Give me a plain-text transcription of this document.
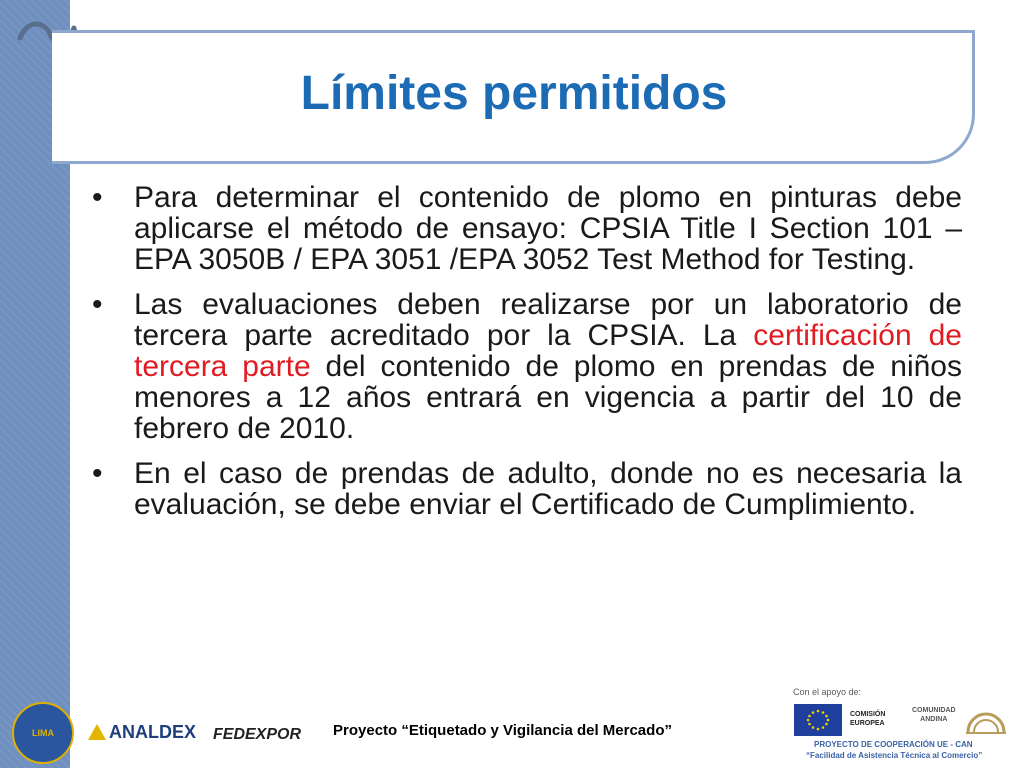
Límites permitidos

• Para determinar el contenido de plomo en pinturas debe aplicarse el método de ensayo: CPSIA Title I Section 101 – EPA 3050B / EPA 3051 /EPA 3052 Test Method for Testing.

• Las evaluaciones deben realizarse por un laboratorio de tercera parte acreditado por la CPSIA. La certificación de tercera parte del contenido de plomo en prendas de niños menores a 12 años entrará en vigencia a partir del 10 de febrero de 2010.

• En el caso de prendas de adulto, donde no es necesaria la evaluación, se debe enviar el Certificado de Cumplimiento.

LIMA	ANALDEX FEDEXPOR Proyecto “Etiquetado y Vigilancia del Mercado”
Con el apoyo de:
COMISIÓN
EUROPEA
COMUNIDAD
ANDINA
PROYECTO DE COOPERACIÓN UE - CAN
“Facilidad de Asistencia Técnica al Comercio”
